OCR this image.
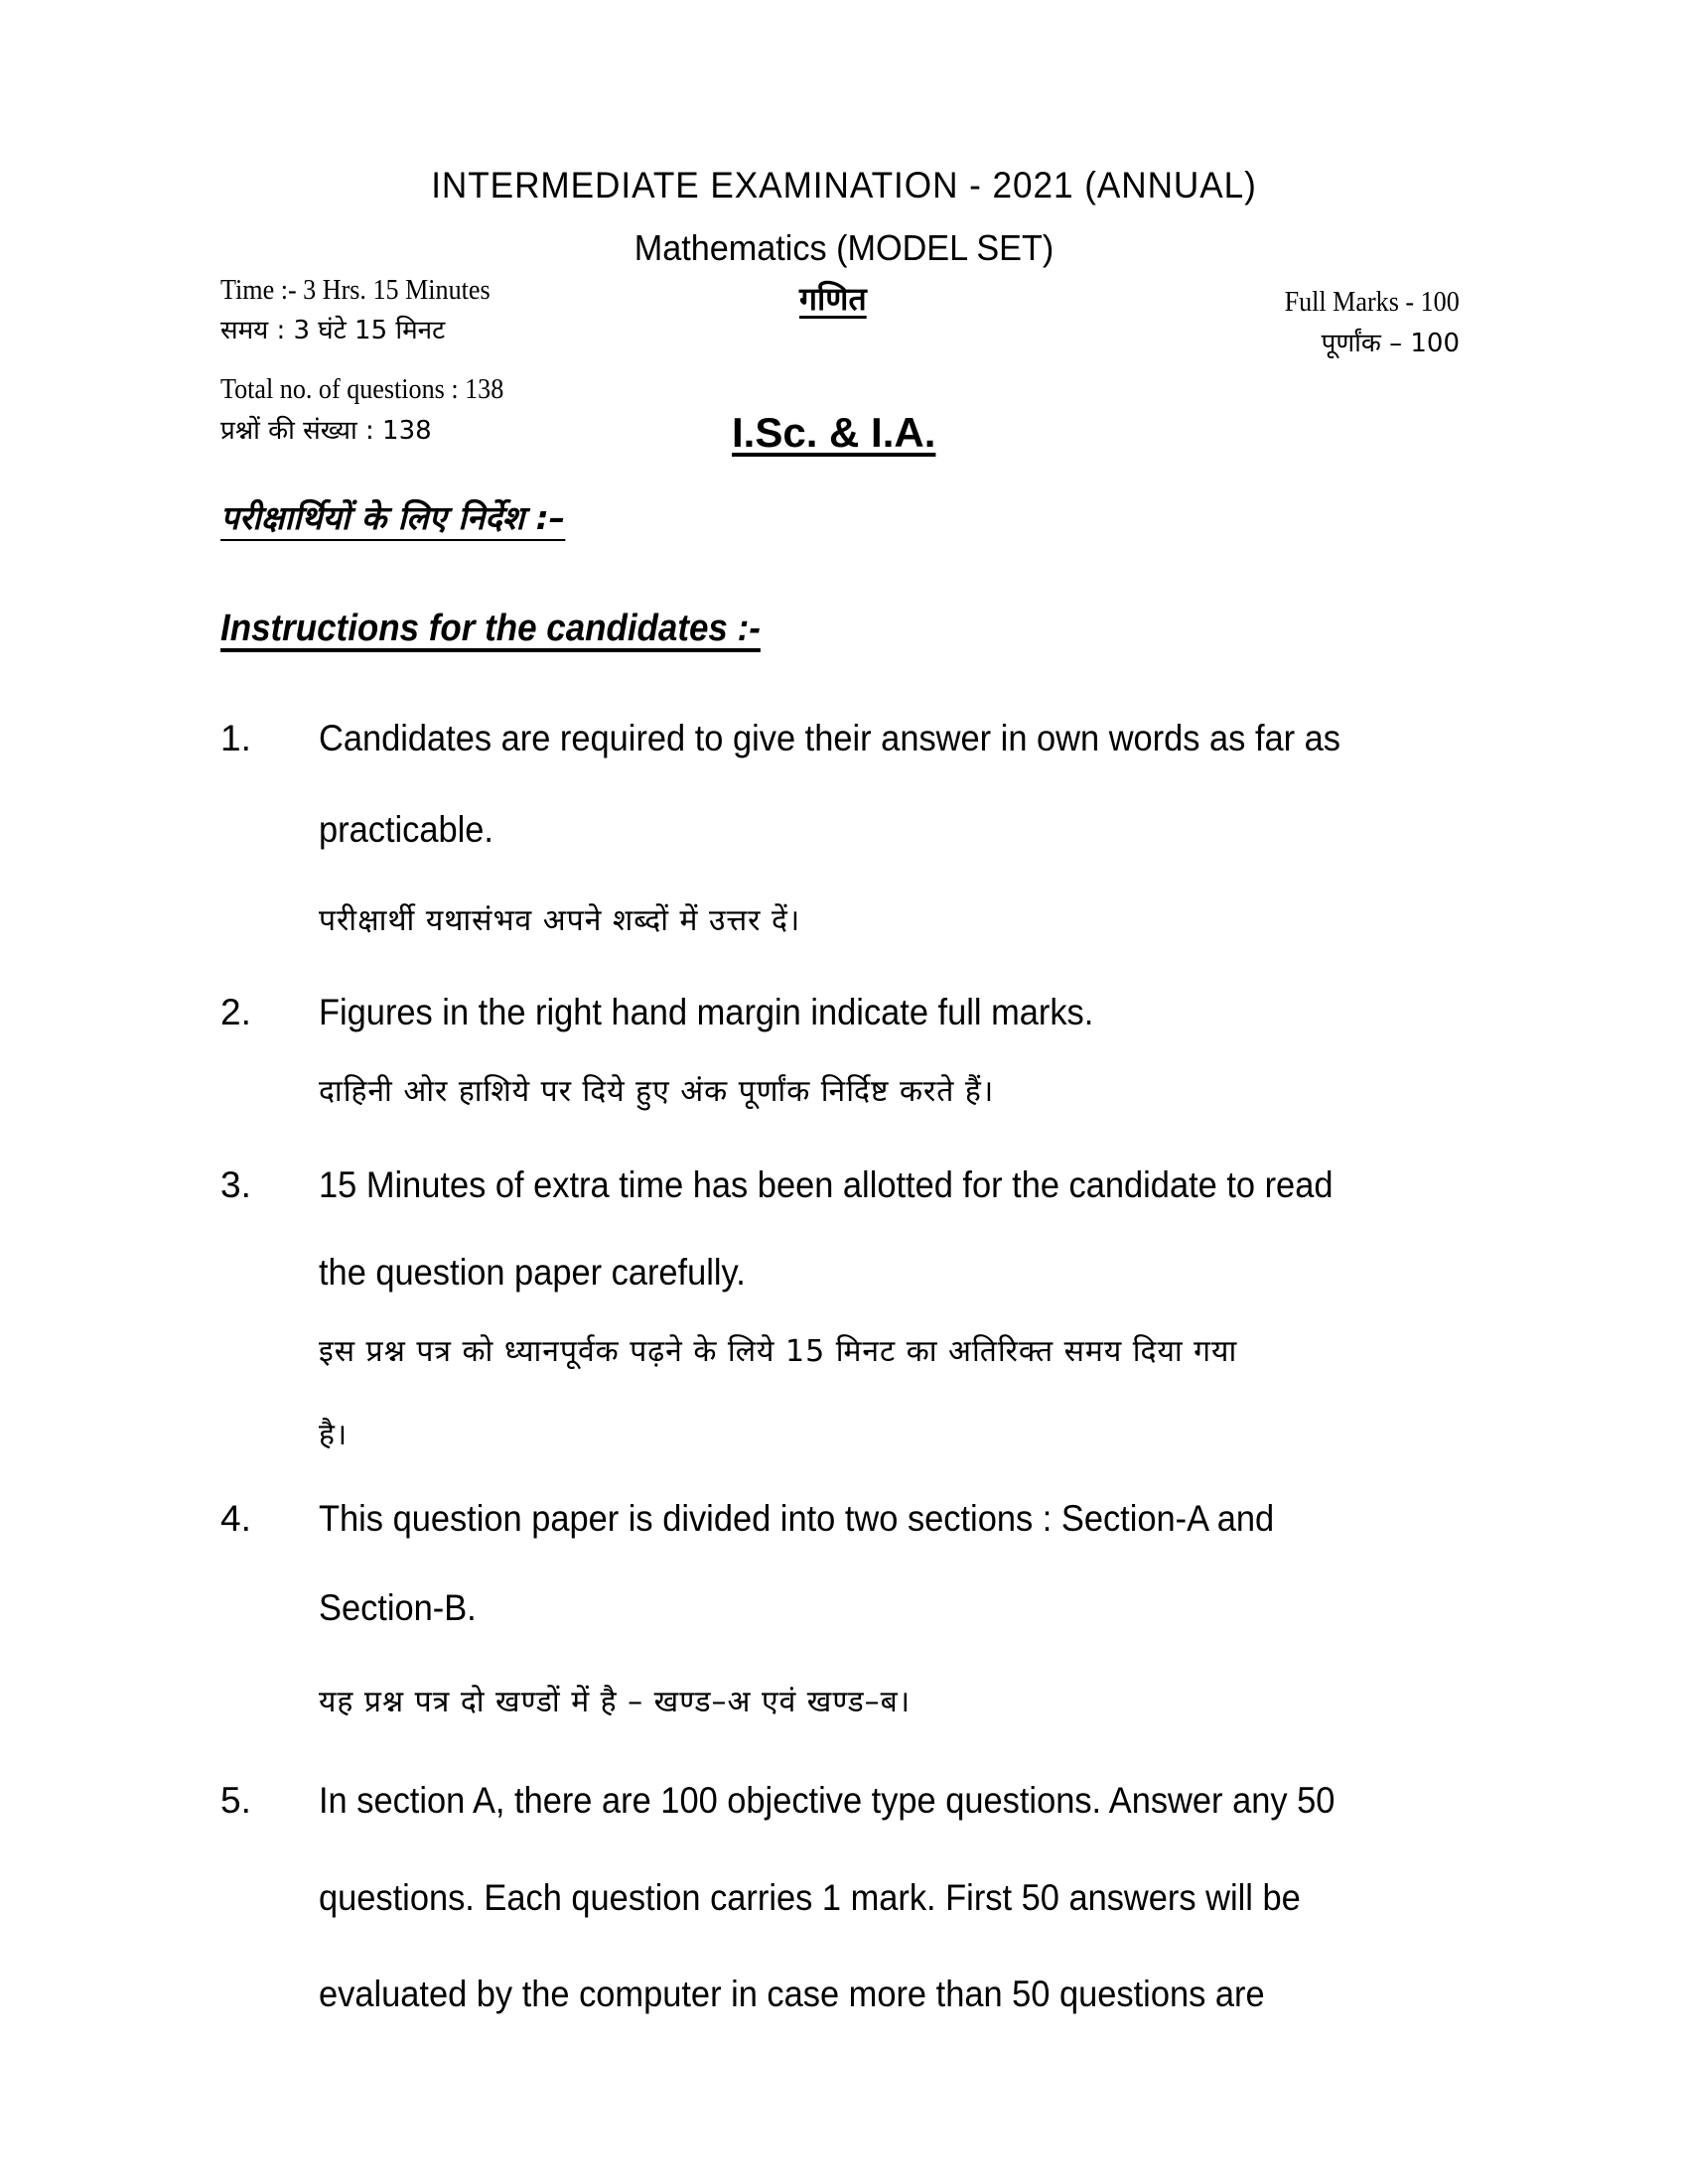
INTERMEDIATE EXAMINATION - 2021 (ANNUAL)
Mathematics (MODEL SET)
Time :- 3 Hrs. 15 Minutes
समय : 3 घंटे 15 मिनट
गणित	Full Marks - 100
पूर्णांक – 100
Total no. of questions : 138
प्रश्नों की संख्या : 138	I.Sc. & I.A.
परीक्षार्थियों के लिए निर्देश :–
Instructions for the candidates :-
1. Candidates are required to give their answer in own words as far as
practicable.
परीक्षार्थी यथासंभव अपने शब्दों में उत्तर दें।
2. Figures in the right hand margin indicate full marks.
दाहिनी ओर हाशिये पर दिये हुए अंक पूर्णांक निर्दिष्ट करते हैं।
3. 15 Minutes of extra time has been allotted for the candidate to read
the question paper carefully.
इस प्रश्न पत्र को ध्यानपूर्वक पढ़ने के लिये 15 मिनट का अतिरिक्त समय दिया गया
है।
4. This question paper is divided into two sections : Section-A and
Section-B.
यह प्रश्न पत्र दो खण्डों में है – खण्ड–अ एवं खण्ड–ब।
5. In section A, there are 100 objective type questions. Answer any 50
questions. Each question carries 1 mark. First 50 answers will be
evaluated by the computer in case more than 50 questions are
